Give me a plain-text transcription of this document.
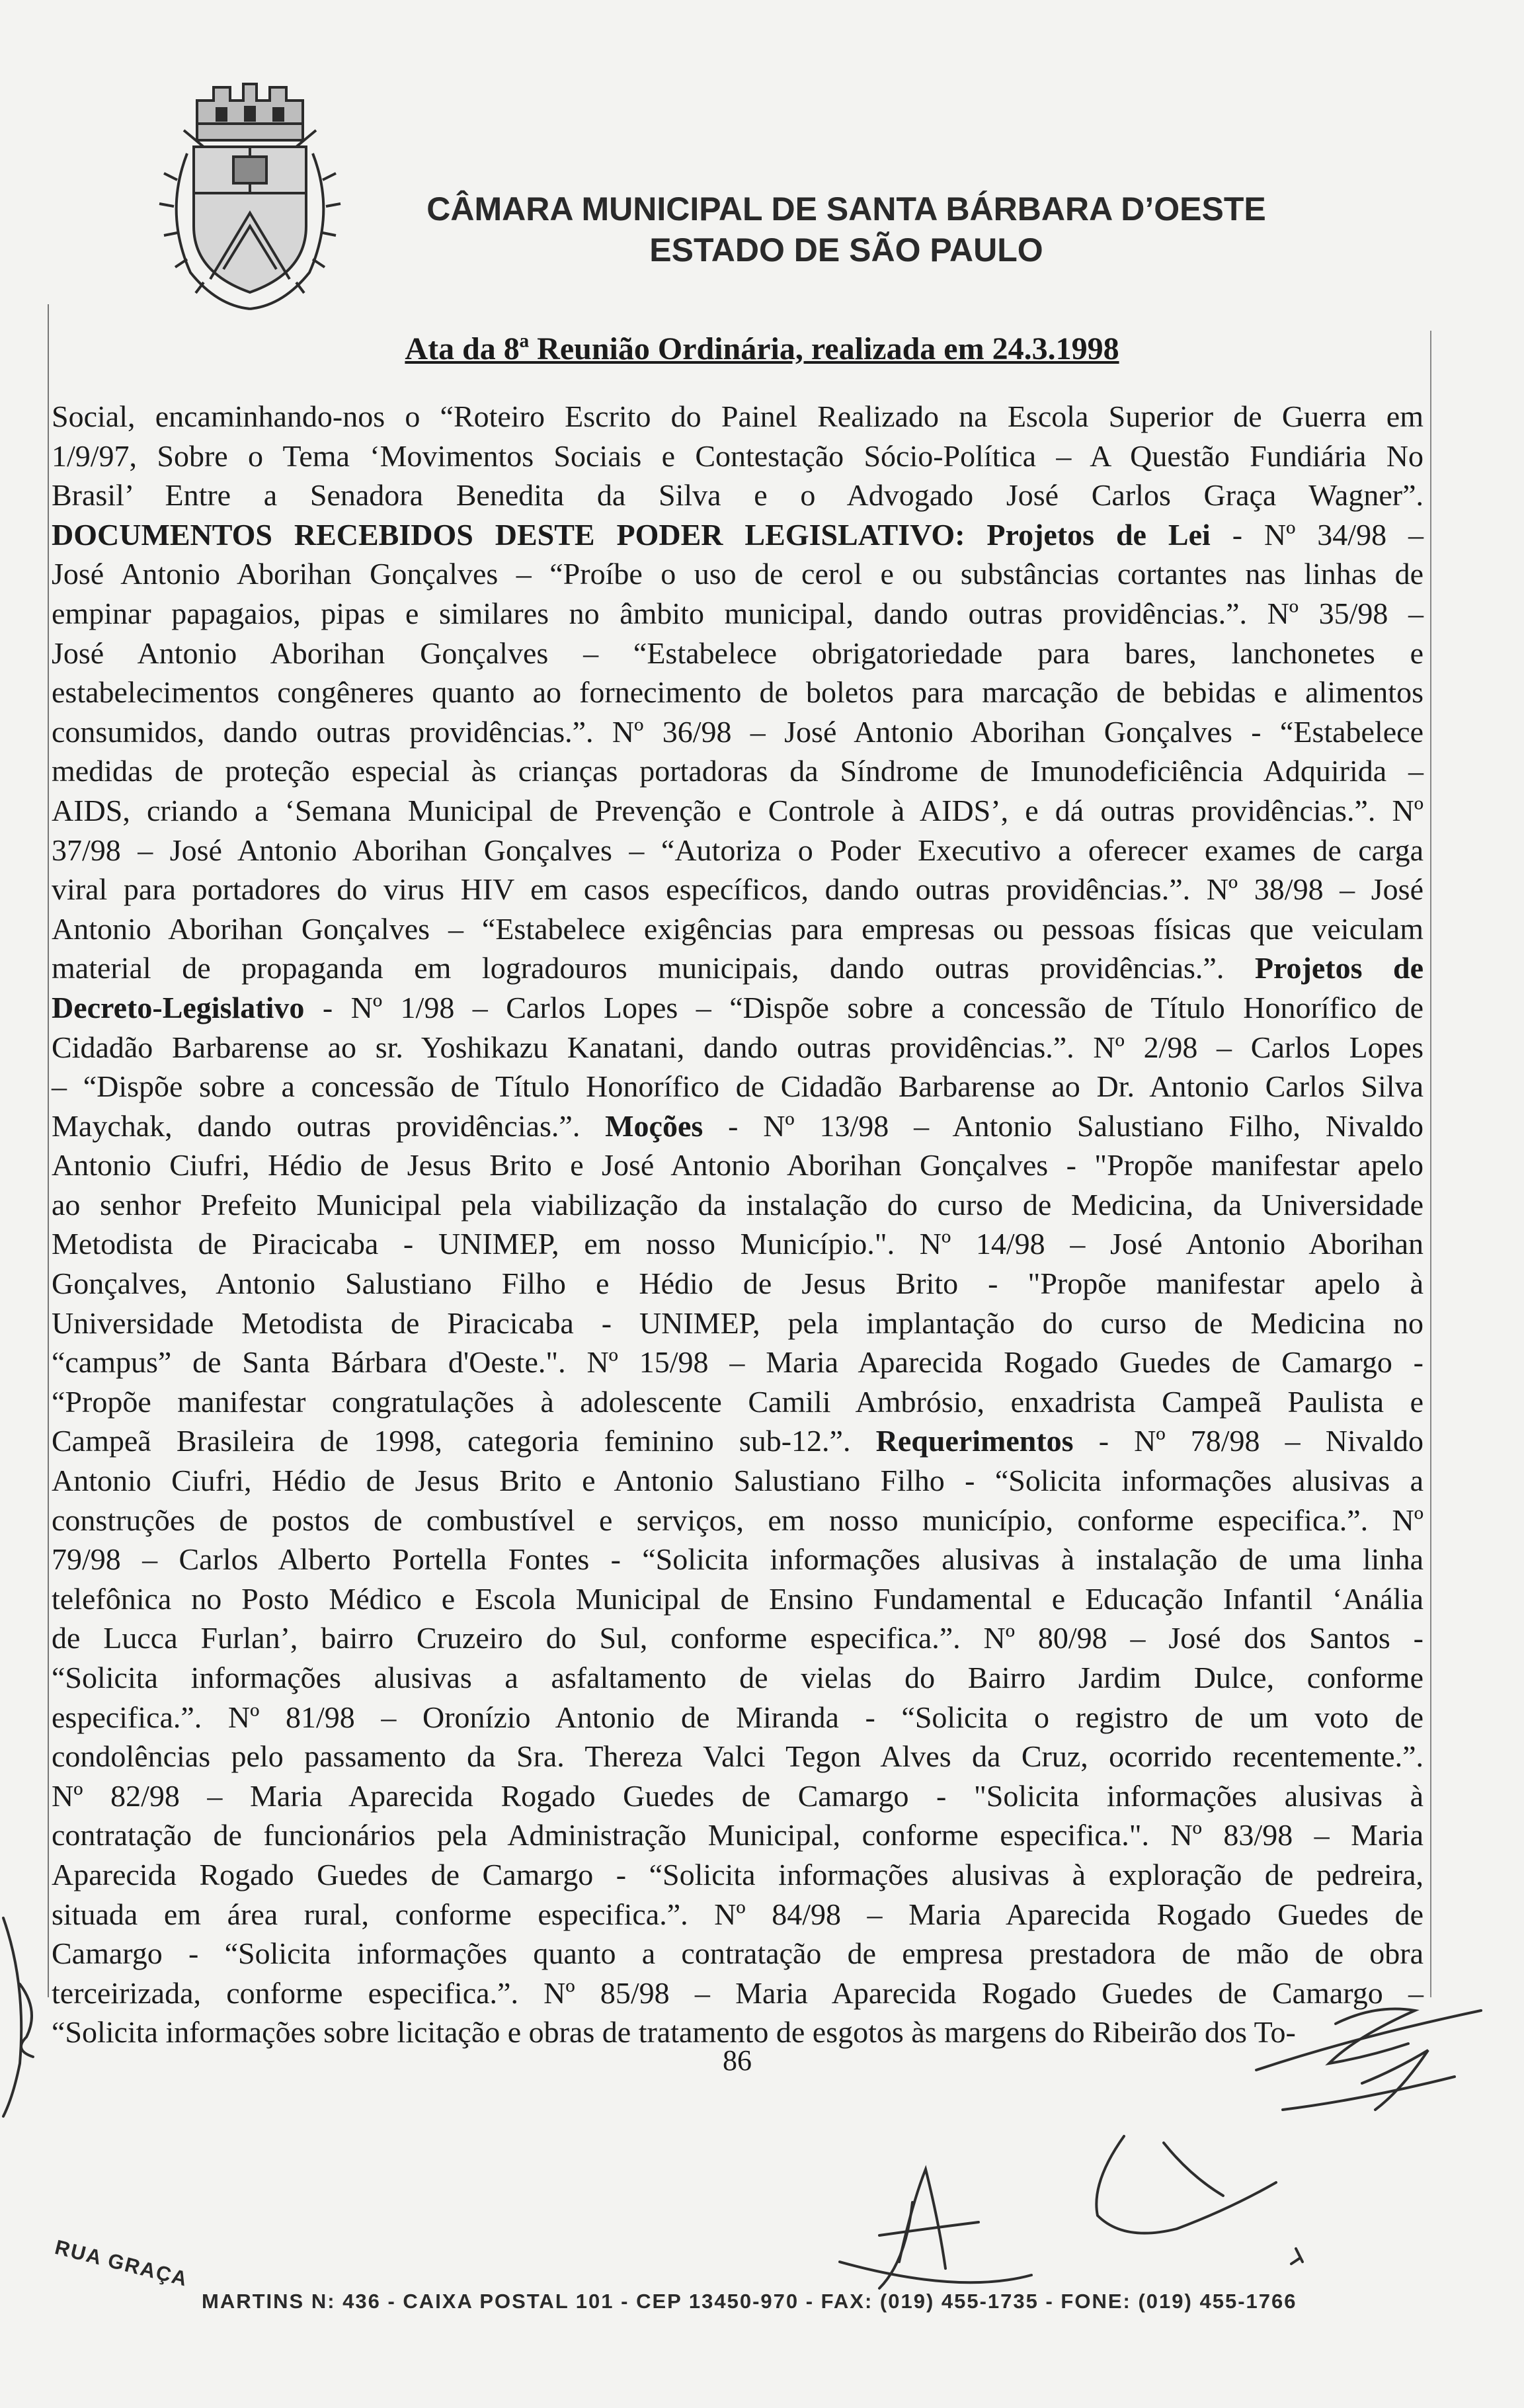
CÂMARA MUNICIPAL DE SANTA BÁRBARA D’OESTE
ESTADO DE SÃO PAULO
Ata da 8ª Reunião Ordinária, realizada em 24.3.1998
Social, encaminhando-nos o “Roteiro Escrito do Painel Realizado na Escola Superior de Guerra em
1/9/97, Sobre o Tema ‘Movimentos Sociais e Contestação Sócio-Política – A Questão Fundiária No
Brasil’ Entre a Senadora Benedita da Silva e o Advogado José Carlos Graça Wagner”.
DOCUMENTOS RECEBIDOS DESTE PODER LEGISLATIVO: Projetos de Lei - Nº 34/98 –
José Antonio Aborihan Gonçalves – “Proíbe o uso de cerol e ou substâncias cortantes nas linhas de
empinar papagaios, pipas e similares no âmbito municipal, dando outras providências.”. Nº 35/98 –
José Antonio Aborihan Gonçalves – “Estabelece obrigatoriedade para bares, lanchonetes e
estabelecimentos congêneres quanto ao fornecimento de boletos para marcação de bebidas e alimentos
consumidos, dando outras providências.”. Nº 36/98 – José Antonio Aborihan Gonçalves - “Estabelece
medidas de proteção especial às crianças portadoras da Síndrome de Imunodeficiência Adquirida –
AIDS, criando a ‘Semana Municipal de Prevenção e Controle à AIDS’, e dá outras providências.”. Nº
37/98 – José Antonio Aborihan Gonçalves – “Autoriza o Poder Executivo a oferecer exames de carga
viral para portadores do virus HIV em casos específicos, dando outras providências.”. Nº 38/98 – José
Antonio Aborihan Gonçalves – “Estabelece exigências para empresas ou pessoas físicas que veiculam
material de propaganda em logradouros municipais, dando outras providências.”. Projetos de
Decreto-Legislativo - Nº 1/98 – Carlos Lopes – “Dispõe sobre a concessão de Título Honorífico de
Cidadão Barbarense ao sr. Yoshikazu Kanatani, dando outras providências.”. Nº 2/98 – Carlos Lopes
– “Dispõe sobre a concessão de Título Honorífico de Cidadão Barbarense ao Dr. Antonio Carlos Silva
Maychak, dando outras providências.”. Moções - Nº 13/98 – Antonio Salustiano Filho, Nivaldo
Antonio Ciufri, Hédio de Jesus Brito e José Antonio Aborihan Gonçalves - "Propõe manifestar apelo
ao senhor Prefeito Municipal pela viabilização da instalação do curso de Medicina, da Universidade
Metodista de Piracicaba - UNIMEP, em nosso Município.". Nº 14/98 – José Antonio Aborihan
Gonçalves, Antonio Salustiano Filho e Hédio de Jesus Brito - "Propõe manifestar apelo à
Universidade Metodista de Piracicaba - UNIMEP, pela implantação do curso de Medicina no
“campus” de Santa Bárbara d'Oeste.". Nº 15/98 – Maria Aparecida Rogado Guedes de Camargo -
“Propõe manifestar congratulações à adolescente Camili Ambrósio, enxadrista Campeã Paulista e
Campeã Brasileira de 1998, categoria feminino sub-12.”. Requerimentos - Nº 78/98 – Nivaldo
Antonio Ciufri, Hédio de Jesus Brito e Antonio Salustiano Filho - “Solicita informações alusivas a
construções de postos de combustível e serviços, em nosso município, conforme especifica.”. Nº
79/98 – Carlos Alberto Portella Fontes - “Solicita informações alusivas à instalação de uma linha
telefônica no Posto Médico e Escola Municipal de Ensino Fundamental e Educação Infantil ‘Anália
de Lucca Furlan’, bairro Cruzeiro do Sul, conforme especifica.”. Nº 80/98 – José dos Santos -
“Solicita informações alusivas a asfaltamento de vielas do Bairro Jardim Dulce, conforme
especifica.”. Nº 81/98 – Oronízio Antonio de Miranda - “Solicita o registro de um voto de
condolências pelo passamento da Sra. Thereza Valci Tegon Alves da Cruz, ocorrido recentemente.”.
Nº 82/98 – Maria Aparecida Rogado Guedes de Camargo - "Solicita informações alusivas à
contratação de funcionários pela Administração Municipal, conforme especifica.". Nº 83/98 – Maria
Aparecida Rogado Guedes de Camargo - “Solicita informações alusivas à exploração de pedreira,
situada em área rural, conforme especifica.”. Nº 84/98 – Maria Aparecida Rogado Guedes de
Camargo - “Solicita informações quanto a contratação de empresa prestadora de mão de obra
terceirizada, conforme especifica.”. Nº 85/98 – Maria Aparecida Rogado Guedes de Camargo –
“Solicita informações sobre licitação e obras de tratamento de esgotos às margens do Ribeirão dos To-
86
RUA GRAÇA
MARTINS N: 436 - CAIXA POSTAL 101 - CEP 13450-970 - FAX: (019) 455-1735 - FONE: (019) 455-1766
